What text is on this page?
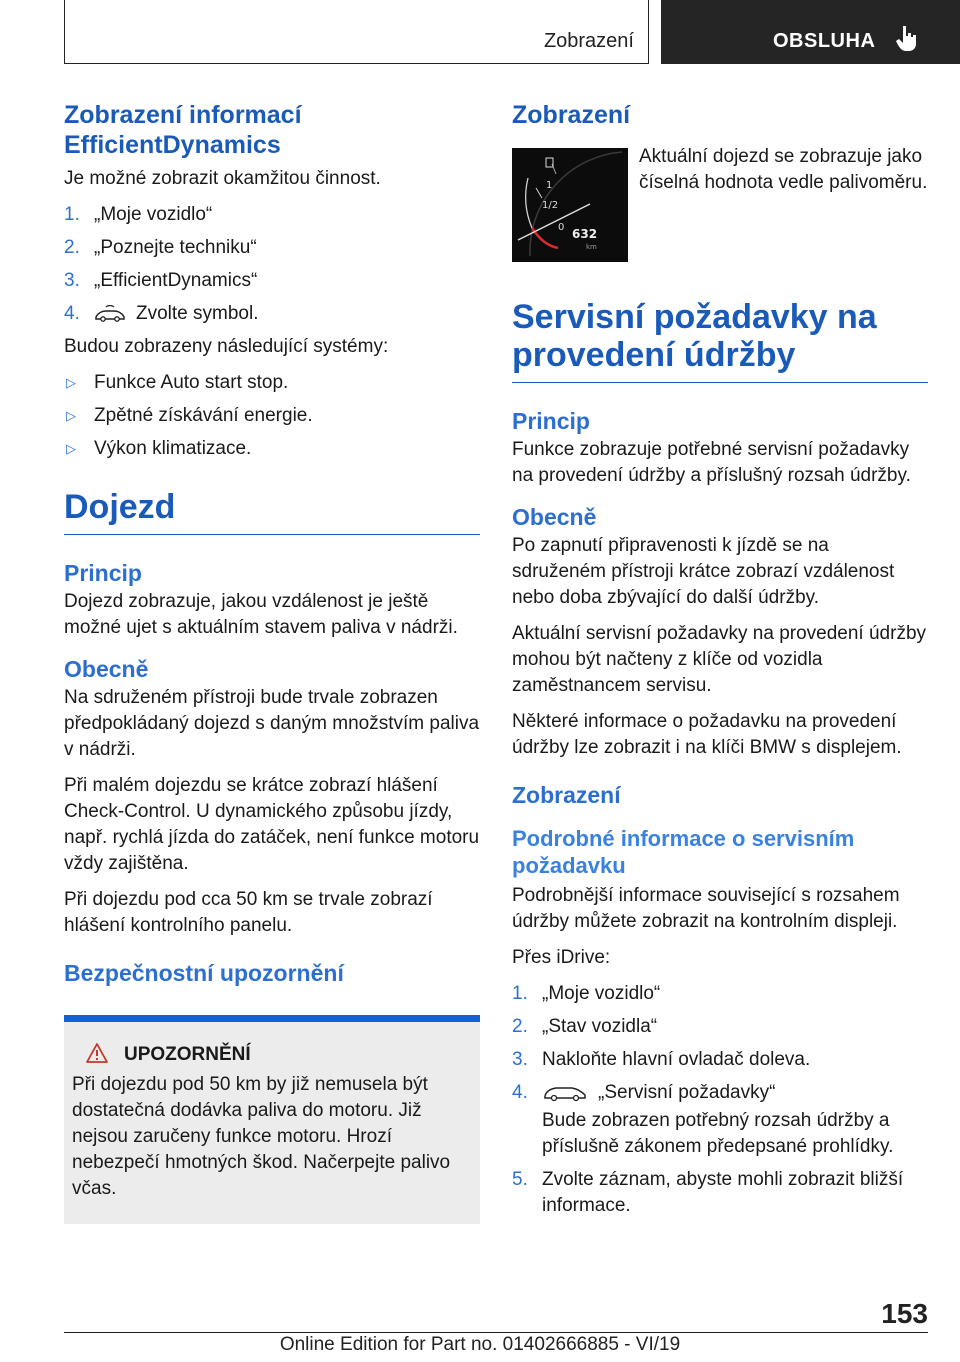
Zobrazení	OBSLUHA
Zobrazení informací EfficientDynamics

Je možné zobrazit okamžitou činnost.

1. „Moje vozidlo“
2. „Poznejte techniku“
3. „EfficientDynamics“
4.	Zvolte symbol.

Budou zobrazeny následující systémy:

▷ Funkce Auto start stop.
▷ Zpětné získávání energie.
▷ Výkon klimatizace.
Dojezd
Princip

Dojezd zobrazuje, jakou vzdálenost je ještě možné ujet s aktuálním stavem paliva v nádrži.

Obecně

Na sdruženém přístroji bude trvale zobrazen předpokládaný dojezd s daným množstvím paliva v nádrži.

Při malém dojezdu se krátce zobrazí hlášení Check-Control. U dynamického způsobu jízdy, např. rychlá jízda do zatáček, není funkce motoru vždy zajištěna.

Při dojezdu pod cca 50 km se trvale zobrazí hlášení kontrolního panelu.

Bezpečnostní upozornění
UPOZORNĚNÍ

Při dojezdu pod 50 km by již nemusela být dostatečná dodávka paliva do motoru. Již nejsou zaručeny funkce motoru. Hrozí nebezpečí hmotných škod. Načerpejte palivo včas.

Zobrazení
1
1/2
0 632
km

Aktuální dojezd se zobrazuje jako číselná hodnota vedle palivoměru.

Servisní požadavky na provedení údržby
Princip

Funkce zobrazuje potřebné servisní požadavky na provedení údržby a příslušný rozsah údržby.

Obecně

Po zapnutí připravenosti k jízdě se na sdruženém přístroji krátce zobrazí vzdálenost nebo doba zbývající do další údržby.

Aktuální servisní požadavky na provedení údržby mohou být načteny z klíče od vozidla zaměstnancem servisu.

Některé informace o požadavku na provedení údržby lze zobrazit i na klíči BMW s displejem.

Zobrazení
Podrobné informace o servisním požadavku

Podrobnější informace související s rozsahem údržby můžete zobrazit na kontrolním displeji.

Přes iDrive:

1. „Moje vozidlo“
2. „Stav vozidla“
3. Nakloňte hlavní ovladač doleva.
4.	„Servisní požadavky“
Bude zobrazen potřebný rozsah údržby a příslušně zákonem předepsané prohlídky.
5. Zvolte záznam, abyste mohli zobrazit bližší informace.
153
Online Edition for Part no. 01402666885 - VI/19
